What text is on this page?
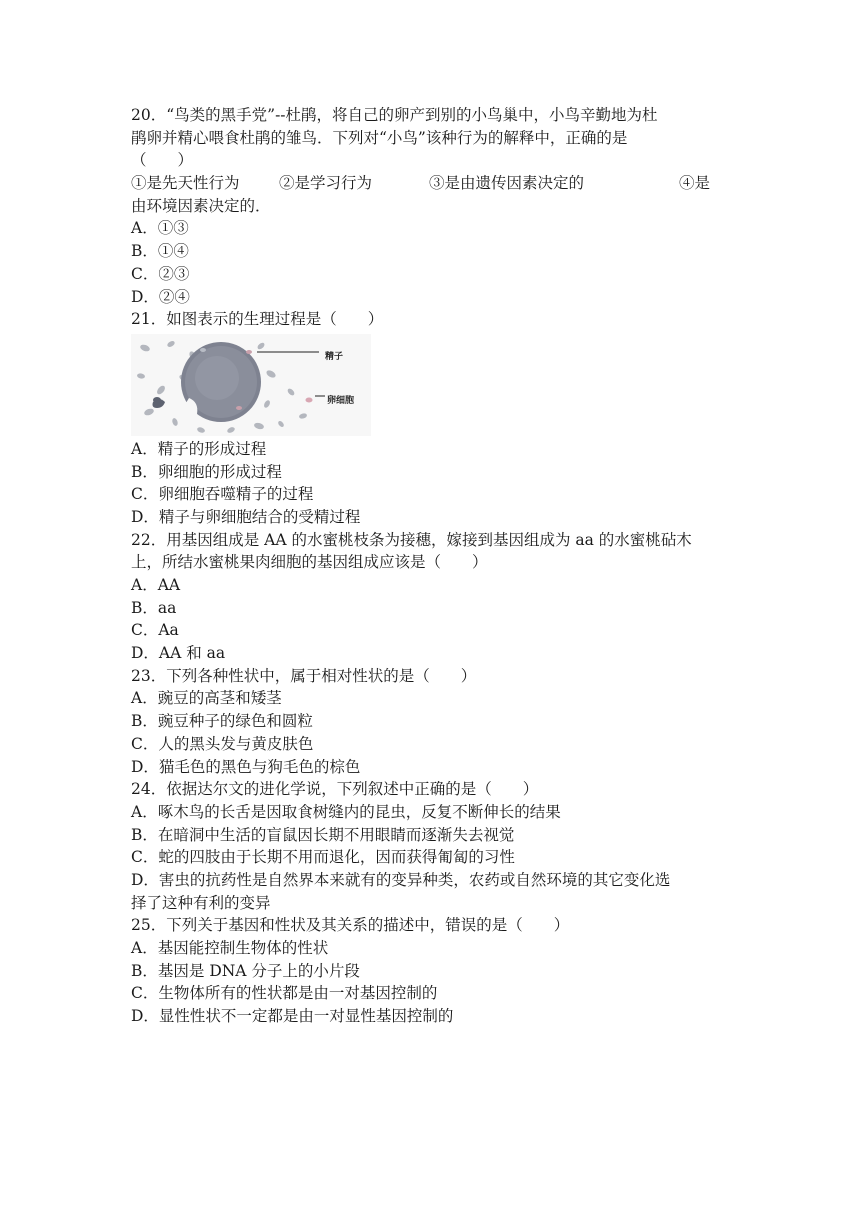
20．“鸟类的黑手党”--杜鹃，将自己的卵产到别的小鸟巢中，小鸟辛勤地为杜
鹃卵并精心喂食杜鹃的雏鸟．下列对“小鸟”该种行为的解释中，正确的是
（　　）
①是先天性行为	②是学习行为	③是由遗传因素决定的	④是
由环境因素决定的．
A．①③
B．①④
C．②③
D．②④
21．如图表示的生理过程是（　　）
精子
卵细胞
A．精子的形成过程
B．卵细胞的形成过程
C．卵细胞吞噬精子的过程
D．精子与卵细胞结合的受精过程
22．用基因组成是 AA 的水蜜桃枝条为接穗，嫁接到基因组成为 aa 的水蜜桃砧木
上，所结水蜜桃果肉细胞的基因组成应该是（　　）
A．AA
B．aa
C．Aa
D．AA 和 aa
23．下列各种性状中，属于相对性状的是（　　）
A．豌豆的高茎和矮茎
B．豌豆种子的绿色和圆粒
C．人的黑头发与黄皮肤色
D．猫毛色的黑色与狗毛色的棕色
24．依据达尔文的进化学说，下列叙述中正确的是（　　）
A．啄木鸟的长舌是因取食树缝内的昆虫，反复不断伸长的结果
B．在暗洞中生活的盲鼠因长期不用眼睛而逐渐失去视觉
C．蛇的四肢由于长期不用而退化，因而获得匍匐的习性
D．害虫的抗药性是自然界本来就有的变异种类，农药或自然环境的其它变化选
择了这种有利的变异
25．下列关于基因和性状及其关系的描述中，错误的是（　　）
A．基因能控制生物体的性状
B．基因是 DNA 分子上的小片段
C．生物体所有的性状都是由一对基因控制的
D．显性性状不一定都是由一对显性基因控制的
